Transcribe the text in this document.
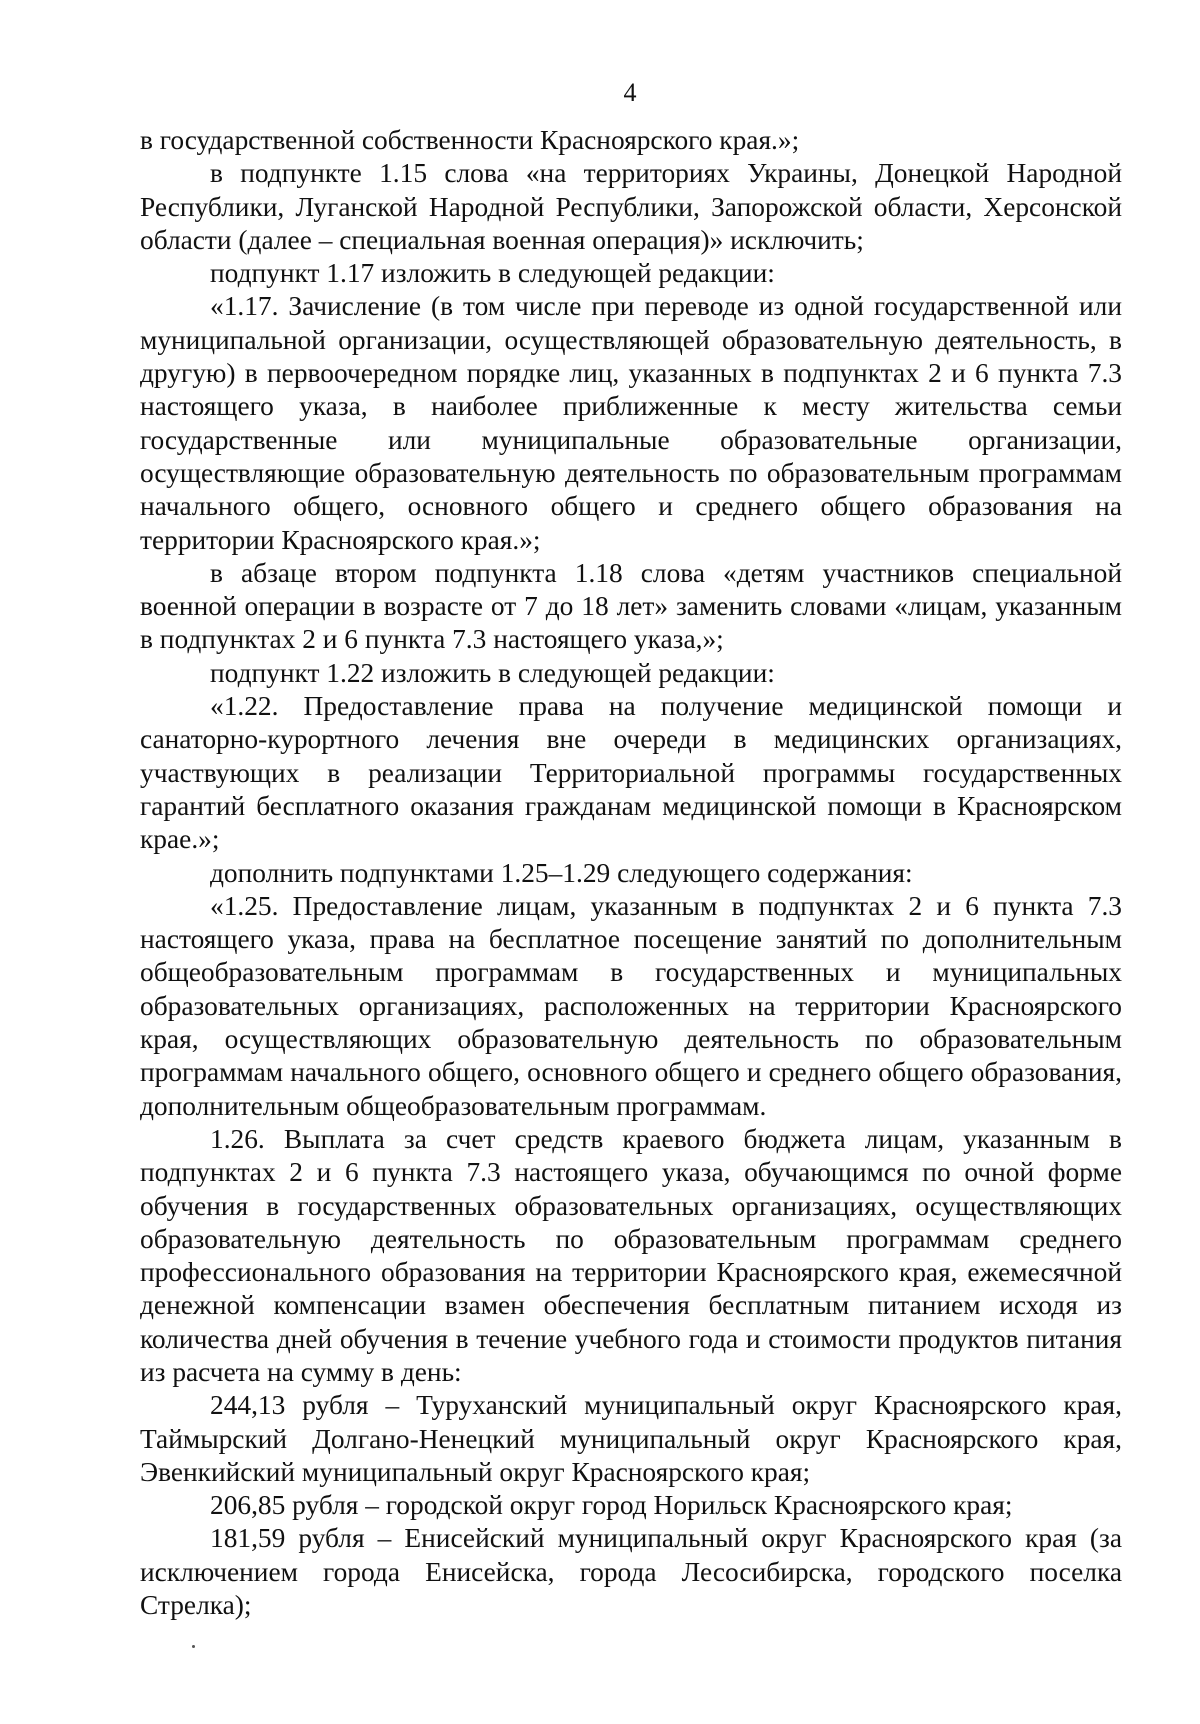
4

в государственной собственности Красноярского края.»;

в подпункте 1.15 слова «на территориях Украины, Донецкой Народной Республики, Луганской Народной Республики, Запорожской области, Херсонской области (далее – специальная военная операция)» исключить;

подпункт 1.17 изложить в следующей редакции:

«1.17. Зачисление (в том числе при переводе из одной государственной или муниципальной организации, осуществляющей образовательную деятельность, в другую) в первоочередном порядке лиц, указанных в подпунктах 2 и 6 пункта 7.3 настоящего указа, в наиболее приближенные к месту жительства семьи государственные или муниципальные образовательные организации, осуществляющие образовательную деятельность по образовательным программам начального общего, основного общего и среднего общего образования на территории Красноярского края.»;

в абзаце втором подпункта 1.18 слова «детям участников специальной военной операции в возрасте от 7 до 18 лет» заменить словами «лицам, указанным в подпунктах 2 и 6 пункта 7.3 настоящего указа,»;

подпункт 1.22 изложить в следующей редакции:

«1.22. Предоставление права на получение медицинской помощи и санаторно-курортного лечения вне очереди в медицинских организациях, участвующих в реализации Территориальной программы государственных гарантий бесплатного оказания гражданам медицинской помощи в Красноярском крае.»;

дополнить подпунктами 1.25–1.29 следующего содержания:

«1.25. Предоставление лицам, указанным в подпунктах 2 и 6 пункта 7.3 настоящего указа, права на бесплатное посещение занятий по дополнительным общеобразовательным программам в государственных и муниципальных образовательных организациях, расположенных на территории Красноярского края, осуществляющих образовательную деятельность по образовательным программам начального общего, основного общего и среднего общего образования, дополнительным общеобразовательным программам.

1.26. Выплата за счет средств краевого бюджета лицам, указанным в подпунктах 2 и 6 пункта 7.3 настоящего указа, обучающимся по очной форме обучения в государственных образовательных организациях, осуществляющих образовательную деятельность по образовательным программам среднего профессионального образования на территории Красноярского края, ежемесячной денежной компенсации взамен обеспечения бесплатным питанием исходя из количества дней обучения в течение учебного года и стоимости продуктов питания из расчета на сумму в день:

244,13 рубля – Туруханский муниципальный округ Красноярского края, Таймырский Долгано-Ненецкий муниципальный округ Красноярского края, Эвенкийский муниципальный округ Красноярского края;

206,85 рубля – городской округ город Норильск Красноярского края;

181,59 рубля – Енисейский муниципальный округ Красноярского края (за исключением города Енисейска, города Лесосибирска, городского поселка Стрелка);
